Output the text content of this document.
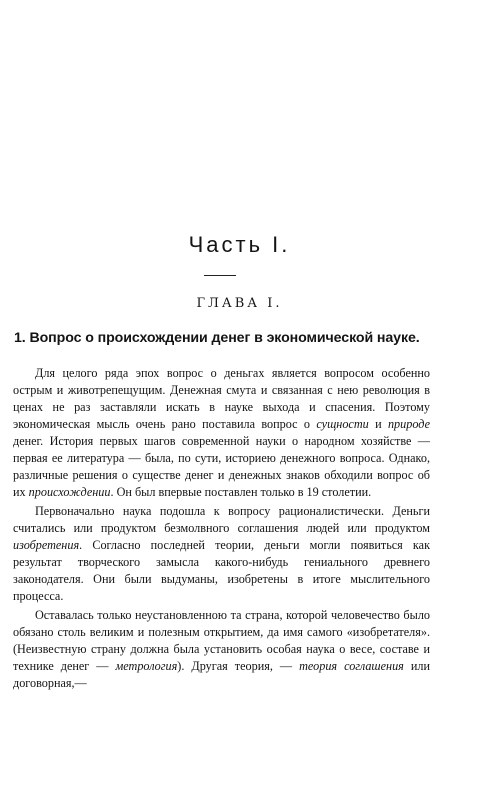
Часть I.
ГЛАВА I.
1. Вопрос о происхождении денег в экономической науке.

Для целого ряда эпох вопрос о деньгах является вопросом особенно острым и животрепещущим. Денежная смута и связанная с нею революция в ценах не раз заставляли искать в науке выхода и спасения. Поэтому экономическая мысль очень рано поставила вопрос о сущности и природе денег. История первых шагов современной науки о народном хозяйстве — первая ее литература — была, по сути, историею денежного вопроса. Однако, различные решения о существе денег и денежных знаков обходили вопрос об их происхождении. Он был впервые поставлен только в 19 столетии.

Первоначально наука подошла к вопросу рационалистически. Деньги считались или продуктом безмолвного соглашения людей или продуктом изобретения. Согласно последней теории, деньги могли появиться как результат творческого замысла какого-нибудь гениального древнего законодателя. Они были выдуманы, изобретены в итоге мыслительного процесса.

Оставалась только неустановленною та страна, которой человечество было обязано столь великим и полезным открытием, да имя самого «изобретателя». (Неизвестную страну должна была установить особая наука о весе, составе и технике денег — метрология). Другая теория, — теория соглашения или договорная,—
